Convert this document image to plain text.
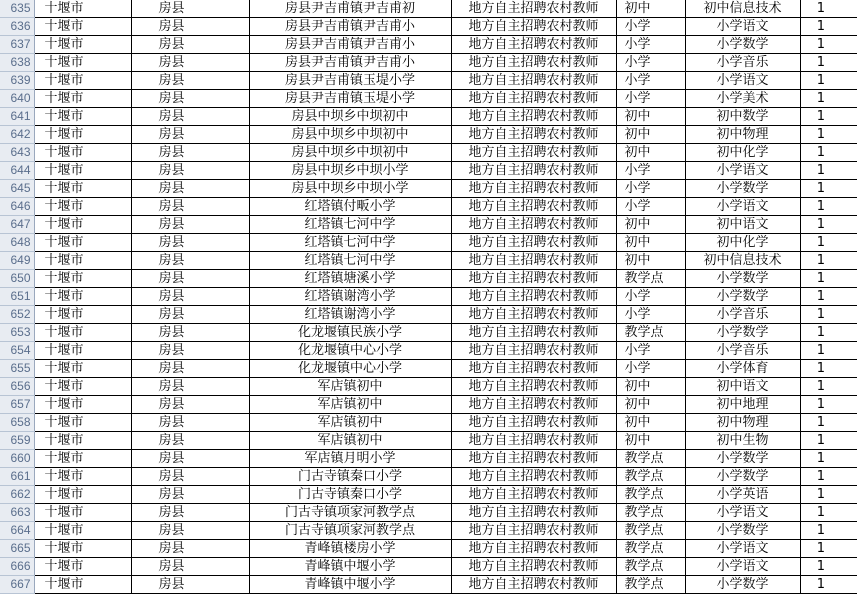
635	十堰市	房县	房县尹吉甫镇尹吉甫初	地方自主招聘农村教师	初中	初中信息技术	1
636	十堰市	房县	房县尹吉甫镇尹吉甫小	地方自主招聘农村教师	小学	小学语文	1
637	十堰市	房县	房县尹吉甫镇尹吉甫小	地方自主招聘农村教师	小学	小学数学	1
638	十堰市	房县	房县尹吉甫镇尹吉甫小	地方自主招聘农村教师	小学	小学音乐	1
639	十堰市	房县	房县尹吉甫镇玉堤小学	地方自主招聘农村教师	小学	小学语文	1
640	十堰市	房县	房县尹吉甫镇玉堤小学	地方自主招聘农村教师	小学	小学美术	1
641	十堰市	房县	房县中坝乡中坝初中	地方自主招聘农村教师	初中	初中数学	1
642	十堰市	房县	房县中坝乡中坝初中	地方自主招聘农村教师	初中	初中物理	1
643	十堰市	房县	房县中坝乡中坝初中	地方自主招聘农村教师	初中	初中化学	1
644	十堰市	房县	房县中坝乡中坝小学	地方自主招聘农村教师	小学	小学语文	1
645	十堰市	房县	房县中坝乡中坝小学	地方自主招聘农村教师	小学	小学数学	1
646	十堰市	房县	红塔镇付畈小学	地方自主招聘农村教师	小学	小学语文	1
647	十堰市	房县	红塔镇七河中学	地方自主招聘农村教师	初中	初中语文	1
648	十堰市	房县	红塔镇七河中学	地方自主招聘农村教师	初中	初中化学	1
649	十堰市	房县	红塔镇七河中学	地方自主招聘农村教师	初中	初中信息技术	1
650	十堰市	房县	红塔镇塘溪小学	地方自主招聘农村教师	教学点	小学数学	1
651	十堰市	房县	红塔镇谢湾小学	地方自主招聘农村教师	小学	小学数学	1
652	十堰市	房县	红塔镇谢湾小学	地方自主招聘农村教师	小学	小学音乐	1
653	十堰市	房县	化龙堰镇民族小学	地方自主招聘农村教师	教学点	小学数学	1
654	十堰市	房县	化龙堰镇中心小学	地方自主招聘农村教师	小学	小学音乐	1
655	十堰市	房县	化龙堰镇中心小学	地方自主招聘农村教师	小学	小学体育	1
656	十堰市	房县	军店镇初中	地方自主招聘农村教师	初中	初中语文	1
657	十堰市	房县	军店镇初中	地方自主招聘农村教师	初中	初中地理	1
658	十堰市	房县	军店镇初中	地方自主招聘农村教师	初中	初中物理	1
659	十堰市	房县	军店镇初中	地方自主招聘农村教师	初中	初中生物	1
660	十堰市	房县	军店镇月明小学	地方自主招聘农村教师	教学点	小学数学	1
661	十堰市	房县	门古寺镇秦口小学	地方自主招聘农村教师	教学点	小学数学	1
662	十堰市	房县	门古寺镇秦口小学	地方自主招聘农村教师	教学点	小学英语	1
663	十堰市	房县	门古寺镇项家河教学点	地方自主招聘农村教师	教学点	小学语文	1
664	十堰市	房县	门古寺镇项家河教学点	地方自主招聘农村教师	教学点	小学数学	1
665	十堰市	房县	青峰镇楼房小学	地方自主招聘农村教师	教学点	小学语文	1
666	十堰市	房县	青峰镇中堰小学	地方自主招聘农村教师	教学点	小学语文	1
667	十堰市	房县	青峰镇中堰小学	地方自主招聘农村教师	教学点	小学数学	1
